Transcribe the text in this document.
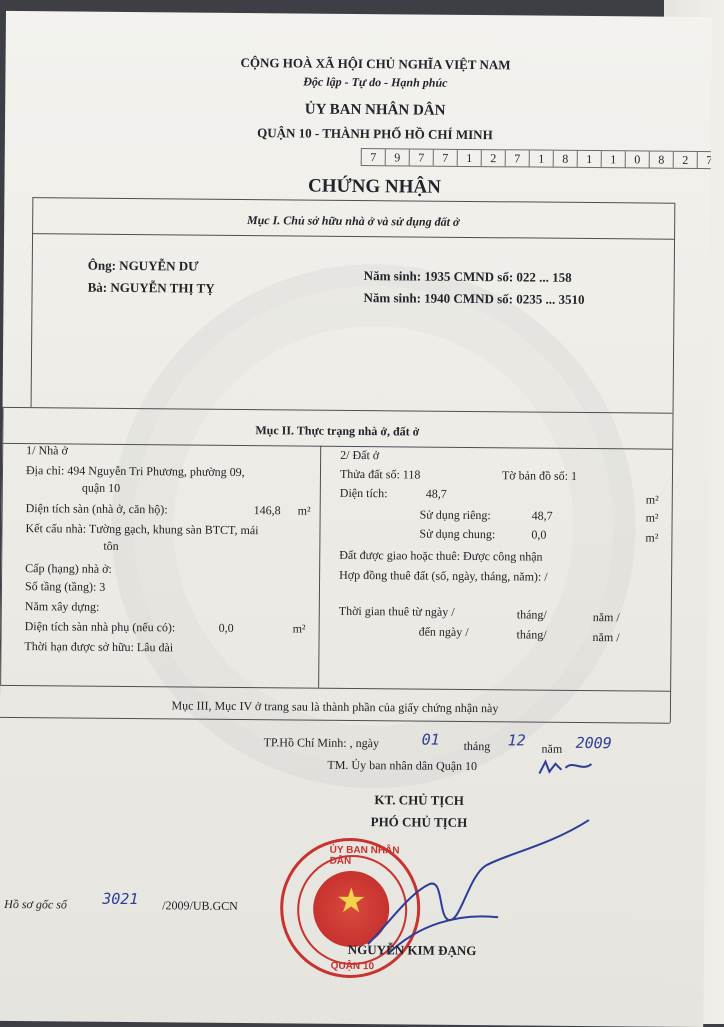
CỘNG HOÀ XÃ HỘI CHỦ NGHĨA VIỆT NAM
Độc lập - Tự do - Hạnh phúc
ỦY BAN NHÂN DÂN
QUẬN 10 - THÀNH PHỐ HỒ CHÍ MINH
7	9	7	7	1	2	7	1	8	1	1	0	8	2	7
CHỨNG NHẬN
Mục I. Chủ sở hữu nhà ở và sử dụng đất ở
Ông: NGUYỄN DƯ
Năm sinh: 1935 CMND số: 022 ... 158
Bà: NGUYỄN THỊ TỴ
Năm sinh: 1940 CMND số: 0235 ... 3510
Mục II. Thực trạng nhà ở, đất ở
1/ Nhà ở
Địa chỉ: 494 Nguyễn Tri Phương, phường 09,
quận 10
Diện tích sàn (nhà ở, căn hộ):	146,8 m²
Kết cấu nhà: Tường gạch, khung sàn BTCT, mái
tôn
Cấp (hạng) nhà ở:
Số tầng (tầng): 3
Năm xây dựng:
Diện tích sàn nhà phụ (nếu có):	0,0	m²
Thời hạn được sở hữu: Lâu dài
2/ Đất ở
Thửa đất số: 118	Tờ bản đồ số: 1
Diện tích:	48,7	m²
Sử dụng riêng:	48,7	m²
Sử dụng chung:	0,0	m²
Đất được giao hoặc thuê: Được công nhận
Hợp đồng thuê đất (số, ngày, tháng, năm): /
Thời gian thuê từ ngày /	tháng/	năm /
đến ngày /	tháng/	năm /
Mục III, Mục IV ở trang sau là thành phần của giấy chứng nhận này
TP.Hồ Chí Minh: , ngày	01 tháng 12 năm 2009
TM. Ủy ban nhân dân Quận 10
KT. CHỦ TỊCH
PHÓ CHỦ TỊCH
★
ỦY BAN NHÂN DÂN
QUẬN 10
NGUYỄN KIM ĐẠNG
Hồ sơ gốc số 3021 /2009/UB.GCN
